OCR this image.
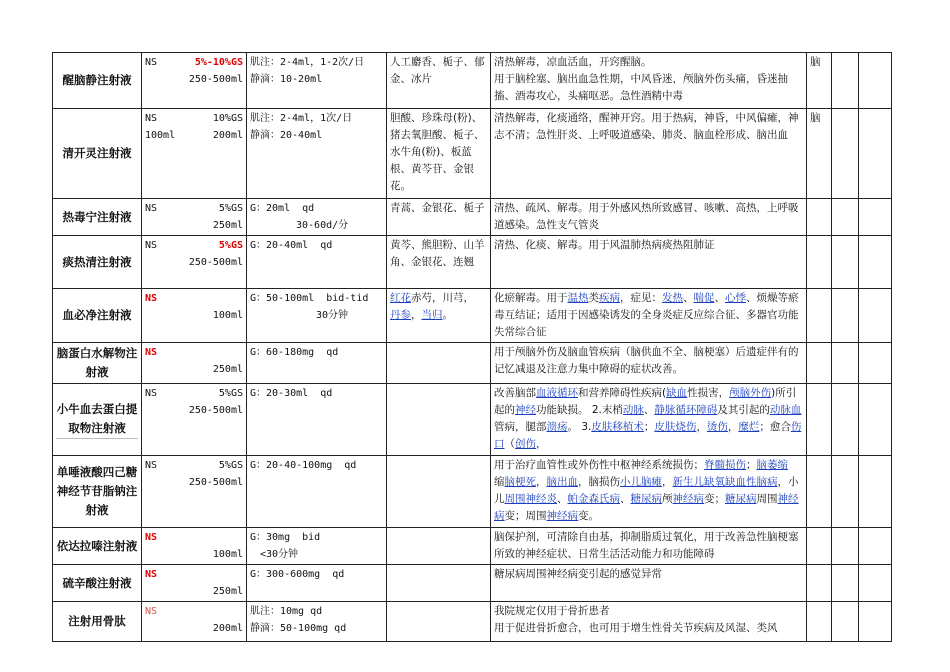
醒脑静注射液	NS 5%-10%GS
250-500ml	肌注：2-4ml，1-2次/日
静滴：10-20ml	人工麝香、栀子、郁金、冰片	清热解毒，凉血活血，开窍醒脑。
用于脑栓塞、脑出血急性期，中风昏迷，颅脑外伤头痛，昏迷抽搐、酒毒攻心，头痛呕恶。急性酒精中毒	脑		
清开灵注射液	NS 10%GS
100ml 200ml	肌注：2-4ml，1次/日
静滴：20-40ml	胆酸、珍珠母(粉)、猪去氧胆酸、栀子、水牛角(粉)、板蓝根、黄芩苷、金银花。	清热解毒，化痰通络，醒神开窍。用于热病，神昏，中风偏瘫，神志不清；急性肝炎、上呼吸道感染、肺炎、脑血栓形成、脑出血	脑		
热毒宁注射液	NS 5%GS
250ml	G：20ml  qd
30-60d/分	青蒿、金银花、栀子	清热、疏风、解毒。用于外感风热所致感冒、咳嗽、高热，上呼吸道感染。急性支气管炎			
痰热清注射液	NS 5%GS
250-500ml	G：20-40ml  qd	黄芩、熊胆粉、山羊角、金银花、连翘	清热、化痰、解毒。用于风温肺热病痰热阻肺证			
血必净注射液	NS
100ml	G：50-100ml  bid-tid
30分钟	红花赤芍，川芎，
丹参，当归。	化瘀解毒。用于温热类疾病，症见：发热、喘促、心悸、烦燥等瘀毒互结证；适用于因感染诱发的全身炎症反应综合征、多器官功能失常综合征			
脑蛋白水解物注射液	NS
250ml	G：60-180mg  qd		用于颅脑外伤及脑血管疾病（脑供血不全、脑梗塞）后遗症伴有的记忆减退及注意力集中障碍的症状改善。			
小牛血去蛋白提取物注射液	NS 5%GS
250-500ml	G：20-30ml  qd		改善脑部血液循环和营养障碍性疾病(缺血性损害，颅脑外伤)所引起的神经功能缺损。 2.末梢动脉、静脉循环障碍及其引起的动脉血管病，腿部溃疡。 3.皮肤移植术；皮肤烧伤，烫伤，糜烂；愈合伤口（创伤，			
单唾液酸四己糖神经节苷脂钠注射液	NS 5%GS
250-500ml	G：20-40-100mg  qd		用于治疗血管性或外伤性中枢神经系统损伤；脊髓损伤；脑萎缩
缩脑梗死，脑出血，脑损伤小儿脑瘫，新生儿缺氧缺血性脑病，小儿周围神经炎、帕金森氏病、糖尿病颅神经病变；糖尿病周围神经病变；周围神经病变。			
依达拉嗪注射液	NS
100ml	G：30mg  bid
<30分钟		脑保护剂，可清除自由基，抑制脂质过氧化，用于改善急性脑梗塞所致的神经症状、日常生活活动能力和功能障碍			
硫辛酸注射液	NS
250ml	G：300-600mg  qd		糖尿病周围神经病变引起的感觉异常			
注射用骨肽	NS
200ml	肌注：10mg qd
静滴：50-100mg qd		我院规定仅用于骨折患者
用于促进骨折愈合，也可用于增生性骨关节疾病及风湿、类风			
